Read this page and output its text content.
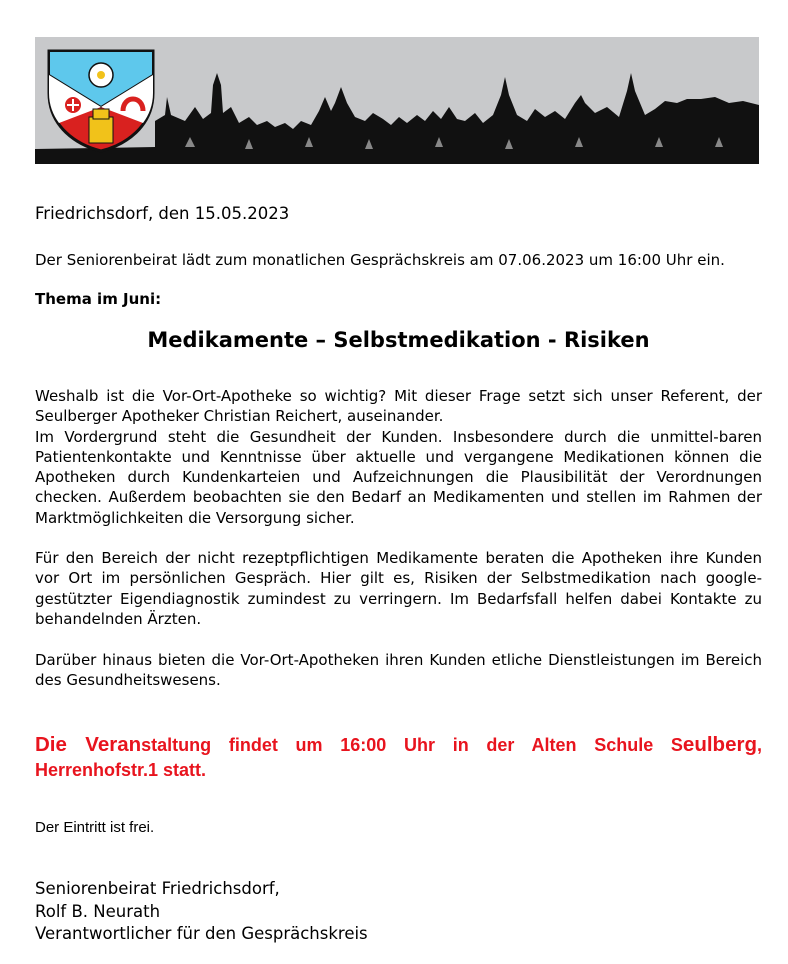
Friedrichsdorf, den 15.05.2023
Der Seniorenbeirat lädt zum monatlichen Gesprächskreis am 07.06.2023 um 16:00 Uhr ein.
Thema im Juni:
Medikamente – Selbstmedikation - Risiken
Weshalb ist die Vor-Ort-Apotheke so wichtig? Mit dieser Frage setzt sich unser Referent, der Seulberger Apotheker Christian Reichert, auseinander.
Im Vordergrund steht die Gesundheit der Kunden. Insbesondere durch die unmittel-baren Patientenkontakte und Kenntnisse über aktuelle und vergangene Medikationen können die Apotheken durch Kundenkarteien und Aufzeichnungen die Plausibilität der Verordnungen checken. Außerdem beobachten sie den Bedarf an Medikamenten und stellen im Rahmen der Marktmöglichkeiten die Versorgung sicher.
Für den Bereich der nicht rezeptpflichtigen Medikamente beraten die Apotheken ihre Kunden vor Ort im persönlichen Gespräch. Hier gilt es, Risiken der Selbstmedikation nach google-gestützter Eigendiagnostik zumindest zu verringern. Im Bedarfsfall helfen dabei Kontakte zu behandelnden Ärzten.
Darüber hinaus bieten die Vor-Ort-Apotheken ihren Kunden etliche Dienstleistungen im Bereich des Gesundheitswesens.
Die Veranstaltung findet um 16:00 Uhr in der Alten Schule Seulberg, Herrenhofstr.1 statt.
Der Eintritt ist frei.
Seniorenbeirat Friedrichsdorf,
Rolf B. Neurath
Verantwortlicher für den Gesprächskreis
